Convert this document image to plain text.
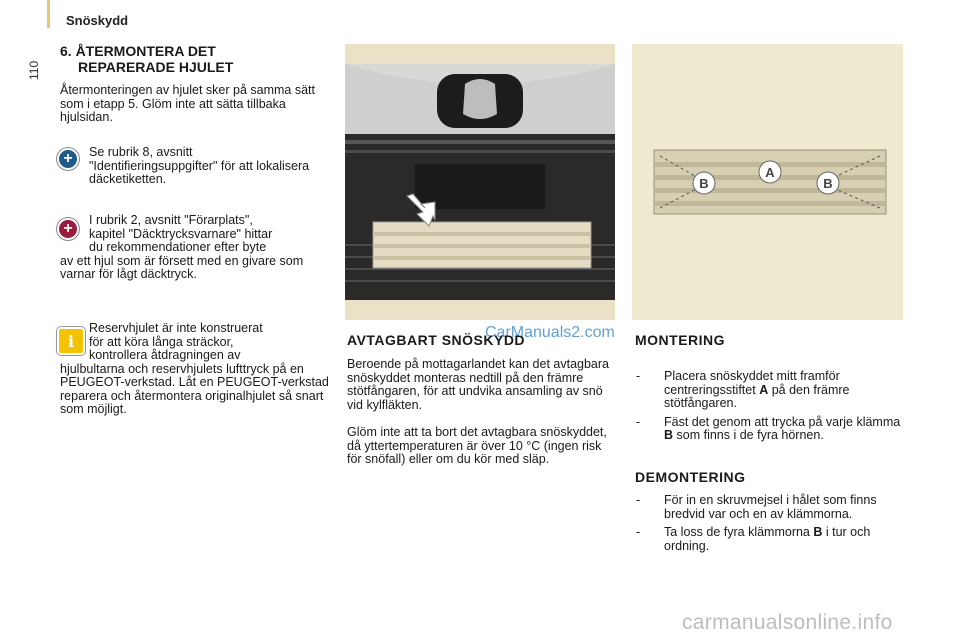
Snöskydd
110
6. ÅTERMONTERA DET
REPARERADE HJULET
Återmonteringen av hjulet sker på samma sätt som i etapp 5. Glöm inte att sätta tillbaka hjulsidan.
+	Se rubrik 8, avsnitt "Identifieringsuppgifter" för att lokalisera däcketiketten.
+	I rubrik 2, avsnitt "Förarplats",
kapitel "Däcktrycksvarnare" hittar
du rekommendationer efter byte
av ett hjul som är försett med en givare som varnar för lågt däcktryck.
i
Reservhjulet är inte konstruerat
för att köra långa sträckor,
kontrollera åtdragningen av
hjulbultarna och reservhjulets lufttryck på en PEUGEOT-verkstad. Låt en PEUGEOT-verkstad reparera och återmontera originalhjulet så snart som möjligt.
CarManuals2.com
AVTAGBART SNÖSKYDD
Beroende på mottagarlandet kan det avtagbara snöskyddet monteras nedtill på den främre stötfångaren, för att undvika ansamling av snö vid kylfläkten.
Glöm inte att ta bort det avtagbara snöskyddet, då yttertemperaturen är över 10 °C (ingen risk för snöfall) eller om du kör med släp.
A
B	B
MONTERING
-	Placera snöskyddet mitt framför centreringsstiftet A på den främre stötfångaren.
-	Fäst det genom att trycka på varje klämma B som finns i de fyra hörnen.
DEMONTERING
-	För in en skruvmejsel i hålet som finns bredvid var och en av klämmorna.
-	Ta loss de fyra klämmorna B i tur och ordning.
carmanualsonline.info
